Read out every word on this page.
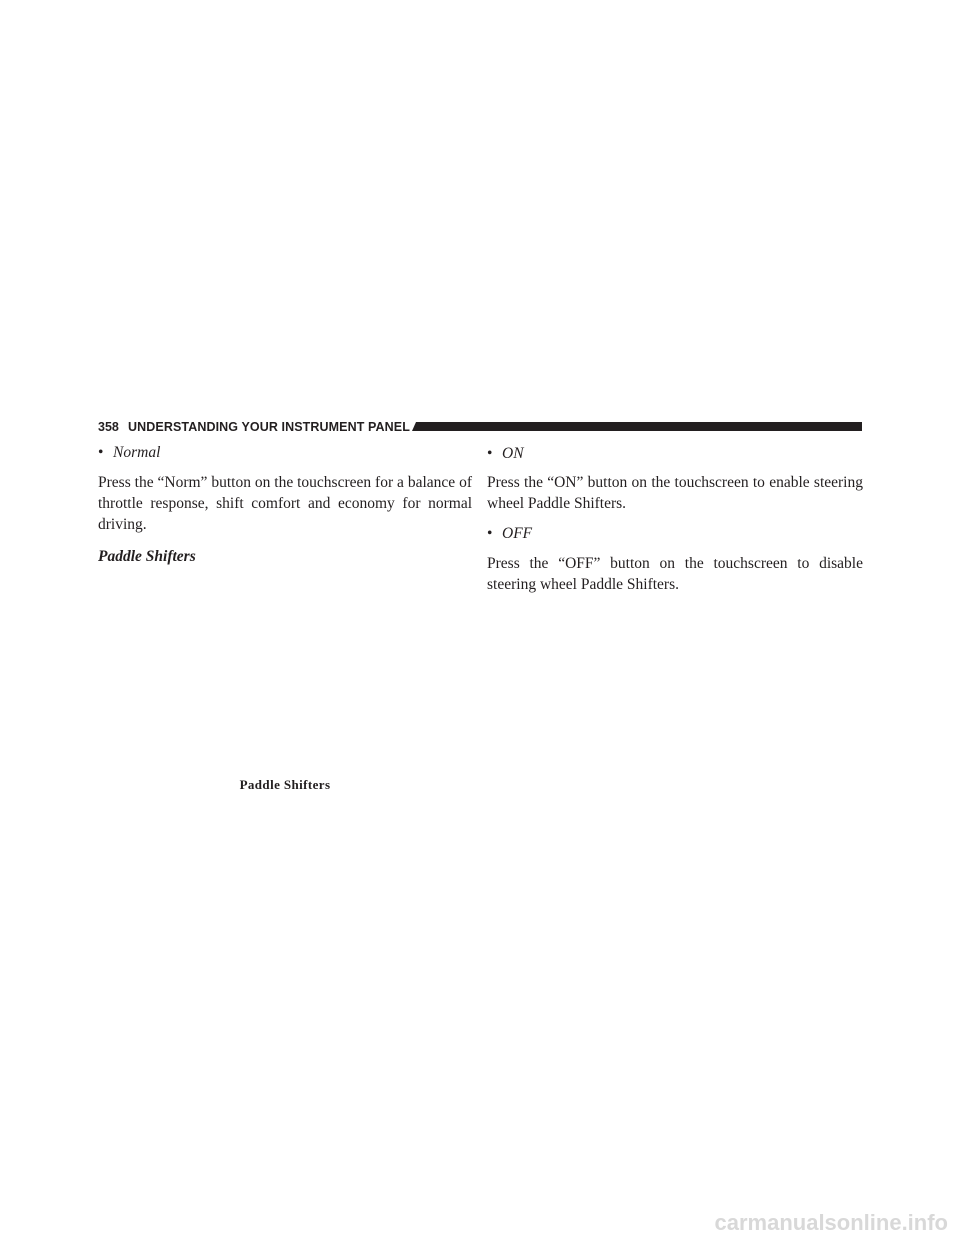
358 UNDERSTANDING YOUR INSTRUMENT PANEL

• Normal

Press the “Norm” button on the touchscreen for a balance of throttle response, shift comfort and economy for normal driving.

Paddle Shifters

Paddle Shifters

• ON

Press the “ON” button on the touchscreen to enable steering wheel Paddle Shifters.

• OFF

Press the “OFF” button on the touchscreen to disable steering wheel Paddle Shifters.

carmanualsonline.info
